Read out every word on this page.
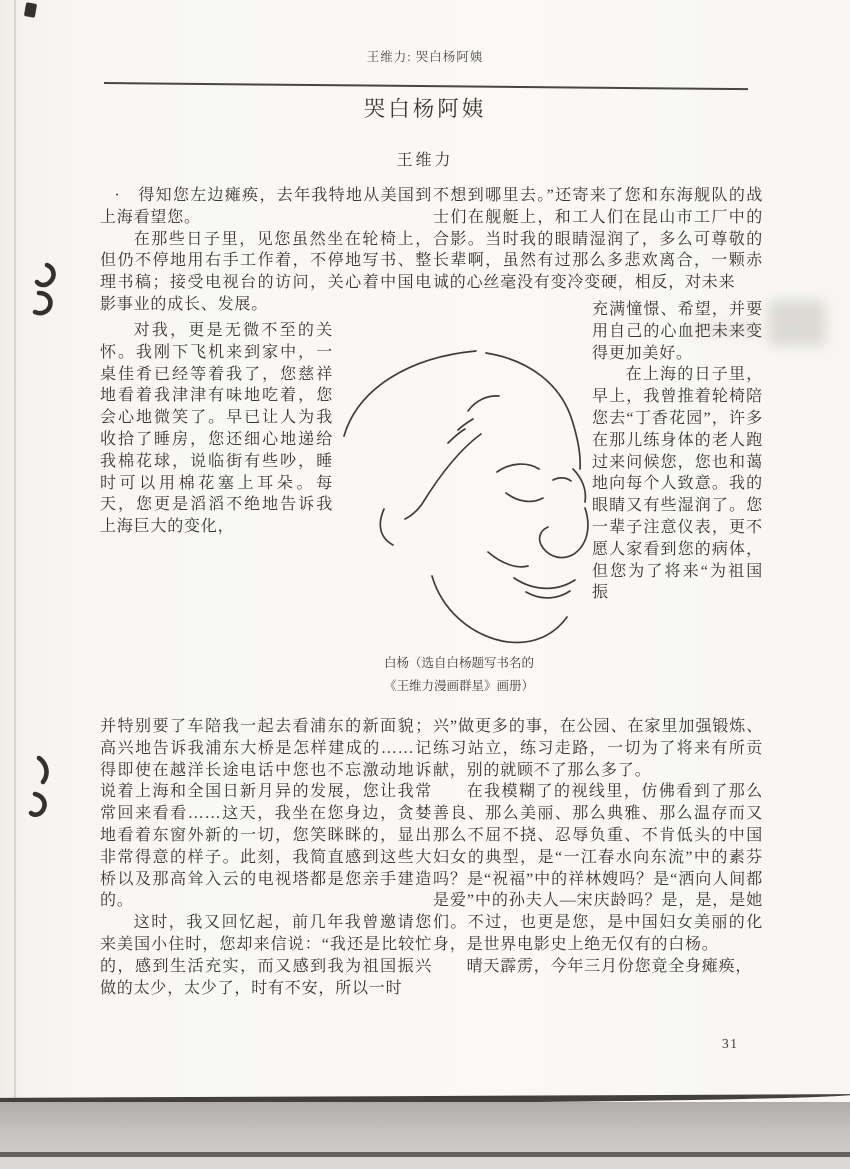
王维力: 哭白杨阿姨
哭白杨阿姨
王维力

·　得知您左边瘫痪，去年我特地从美国到上海看望您。

在那些日子里，见您虽然坐在轮椅上，但仍不停地用右手工作着，不停地写书、整理书稿；接受电视台的访问，关心着中国电影事业的成长、发展。

对我，更是无微不至的关怀。我刚下飞机来到家中，一桌佳肴已经等着我了，您慈祥地看着我津津有味地吃着，您会心地微笑了。早已让人为我收拾了睡房，您还细心地递给我棉花球，说临街有些吵，睡时可以用棉花塞上耳朵。每天，您更是滔滔不绝地告诉我上海巨大的变化，

并特别要了车陪我一起去看浦东的新面貌；高兴地告诉我浦东大桥是怎样建成的……记得即使在越洋长途电话中您也不忘激动地诉说着上海和全国日新月异的发展，您让我常常回来看看……这天，我坐在您身边，贪婪地看着东窗外新的一切，您笑眯眯的，显出非常得意的样子。此刻，我简直感到这些大桥以及那高耸入云的电视塔都是您亲手建造的。

这时，我又回忆起，前几年我曾邀请您来美国小住时，您却来信说：“我还是比较忙的，感到生活充实，而又感到我为祖国振兴做的太少，太少了，时有不安，所以一时

不想到哪里去。”还寄来了您和东海舰队的战士们在舰艇上，和工人们在昆山市工厂中的合影。当时我的眼睛湿润了，多么可尊敬的长辈啊，虽然有过那么多悲欢离合，一颗赤诚的心丝毫没有变冷变硬，相反，对未来

充满憧憬、希望，并要用自己的心血把未来变得更加美好。

在上海的日子里，早上，我曾推着轮椅陪您去“丁香花园”，许多在那儿练身体的老人跑过来问候您，您也和蔼地向每个人致意。我的眼睛又有些湿润了。您一辈子注意仪表，更不愿人家看到您的病体，但您为了将来“为祖国振

兴”做更多的事，在公园、在家里加强锻炼、练习站立，练习走路，一切为了将来有所贡献，别的就顾不了那么多了。

在我模糊了的视线里，仿佛看到了那么善良、那么美丽、那么典雅、那么温存而又那么不屈不挠、忍辱负重、不肯低头的中国妇女的典型，是“一江春水向东流”中的素芬吗？是“祝福”中的祥林嫂吗？是“洒向人间都是爱”中的孙夫人—宋庆龄吗？是，是，是她们。不过，也更是您，是中国妇女美丽的化身，是世界电影史上绝无仅有的白杨。

晴天霹雳，今年三月份您竟全身瘫痪，

白杨（选自白杨题写书名的
《王维力漫画群星》画册）
31
